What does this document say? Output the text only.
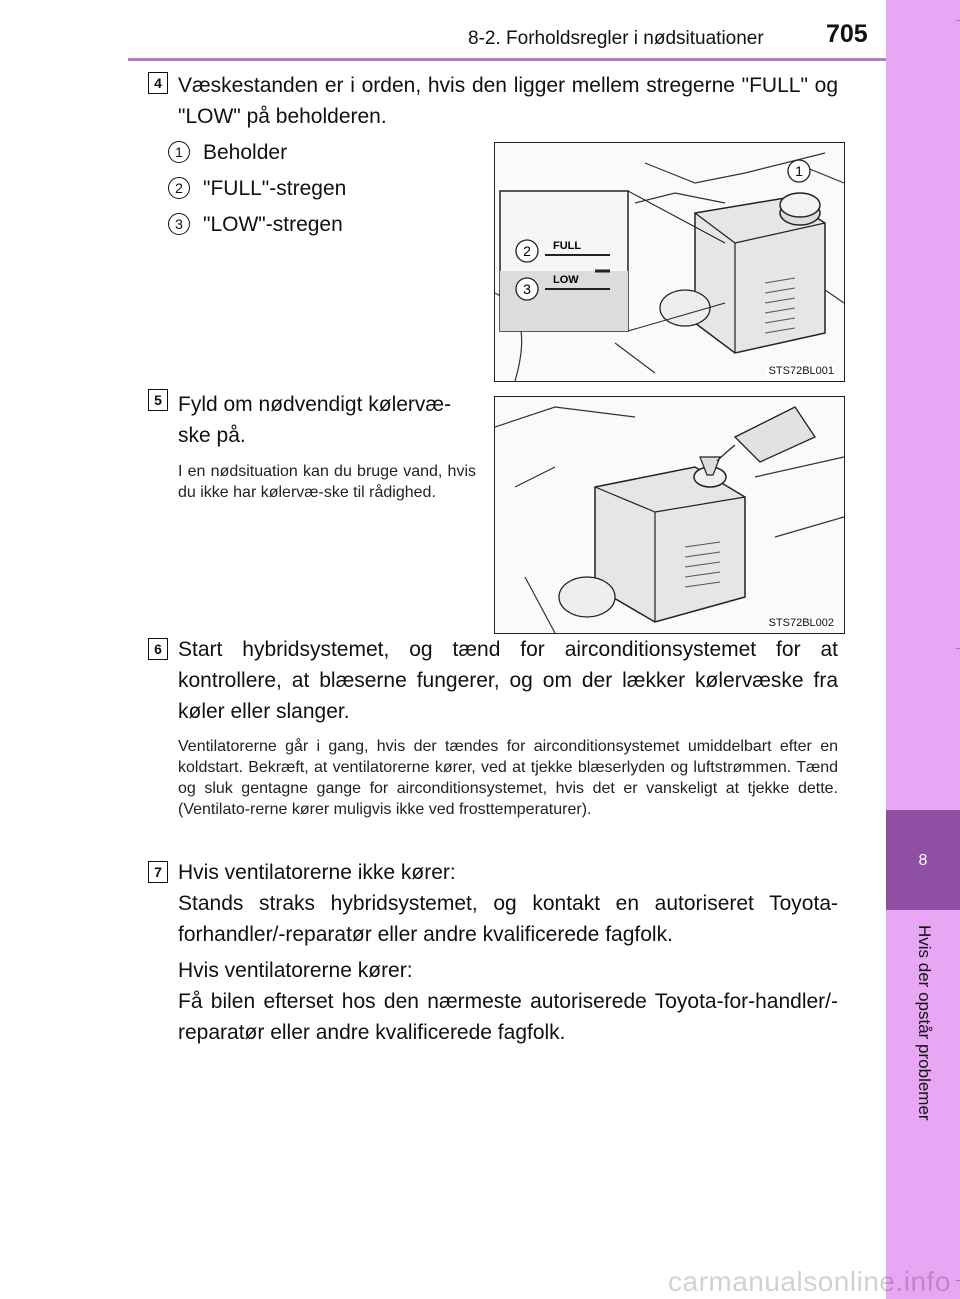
8-2. Forholdsregler i nødsituationer 705
8
Hvis der opstår problemer
4 Væskestanden er i orden, hvis den ligger mellem stregerne "FULL" og "LOW" på beholderen.
1 Beholder
2 "FULL"-stregen
3 "LOW"-stregen
FULL
LOW
1
2
3
STS72BL001
5 Fyld om nødvendigt kølervæ-ske på.
I en nødsituation kan du bruge vand, hvis du ikke har kølervæ-ske til rådighed.
STS72BL002
6 Start hybridsystemet, og tænd for airconditionsystemet for at kontrollere, at blæserne fungerer, og om der lækker kølervæske fra køler eller slanger.
Ventilatorerne går i gang, hvis der tændes for airconditionsystemet umiddelbart efter en koldstart. Bekræft, at ventilatorerne kører, ved at tjekke blæserlyden og luftstrømmen. Tænd og sluk gentagne gange for airconditionsystemet, hvis det er vanskeligt at tjekke dette. (Ventilato-rerne kører muligvis ikke ved frosttemperaturer).
7 Hvis ventilatorerne ikke kører:
Stands straks hybridsystemet, og kontakt en autoriseret Toyota-forhandler/-reparatør eller andre kvalificerede fagfolk.
Hvis ventilatorerne kører:
Få bilen efterset hos den nærmeste autoriserede Toyota-for-handler/-reparatør eller andre kvalificerede fagfolk.
carmanualsonline.info
